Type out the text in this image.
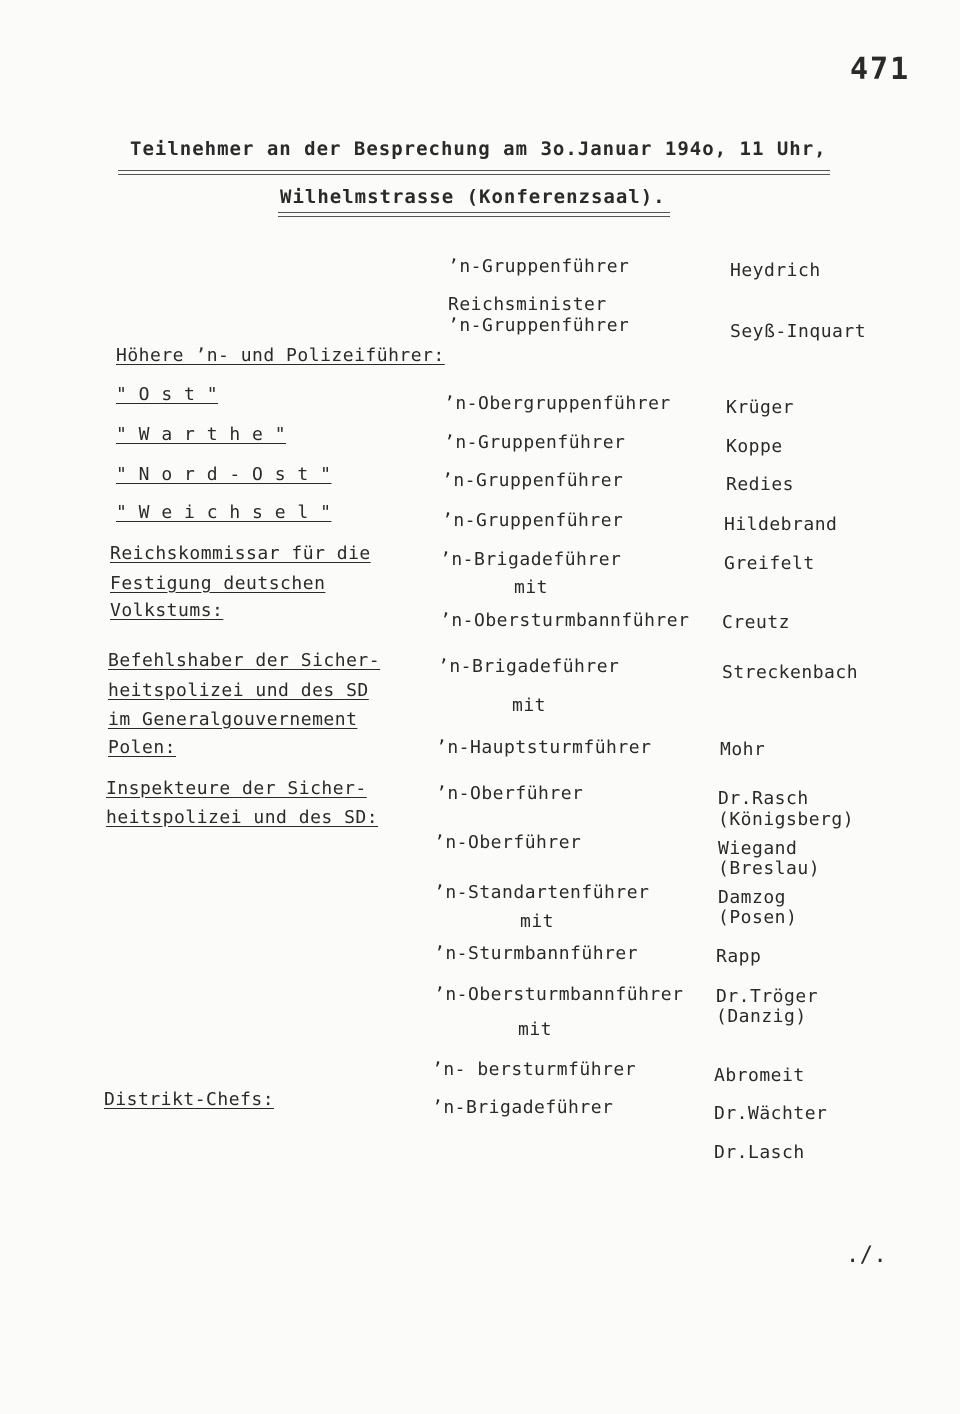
471
Teilnehmer an der Besprechung am 3o.Januar 194o, 11 Uhr,
Wilhelmstrasse (Konferenzsaal).
ʼn-Gruppenführer	Heydrich
Reichsminister
ʼn-Gruppenführer	Seyß-Inquart
Höhere ʼn- und Polizeiführer:
" O s t "	ʼn-Obergruppenführer	Krüger
" W a r t h e "	ʼn-Gruppenführer	Koppe
" N o r d - O s t "	ʼn-Gruppenführer	Redies
" W e i c h s e l "	ʼn-Gruppenführer	Hildebrand
Reichskommissar für die
Festigung deutschen
Volkstums:
ʼn-Brigadeführer	Greifelt
mit
ʼn-Obersturmbannführer Creutz
Befehlshaber der Sicher-
heitspolizei und des SD
im Generalgouvernement
Polen:
ʼn-Brigadeführer	Streckenbach
mit
ʼn-Hauptsturmführer	Mohr
Inspekteure der Sicher-
heitspolizei und des SD:
ʼn-Oberführer	Dr.Rasch
(Königsberg)
ʼn-Oberführer	Wiegand
(Breslau)
ʼn-Standartenführer	Damzog
(Posen)
mit
ʼn-Sturmbannführer	Rapp
ʼn-Obersturmbannführer Dr.Tröger
(Danzig)
mit
ʼn- bersturmführer	Abromeit
Distrikt-Chefs:	ʼn-Brigadeführer	Dr.Wächter
Dr.Lasch
./.
